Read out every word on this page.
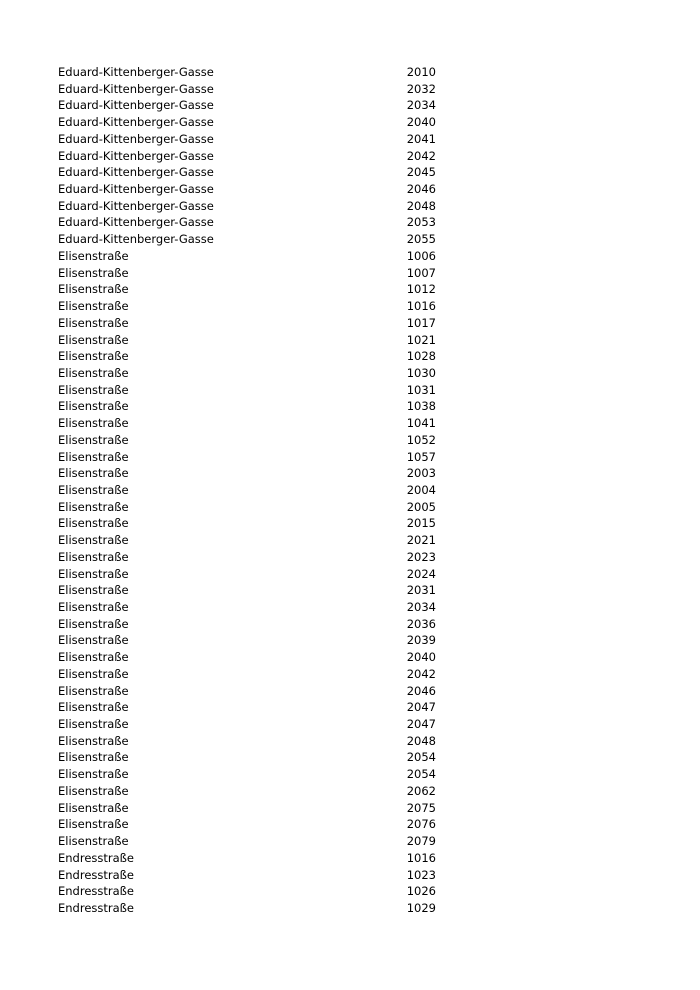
Eduard-Kittenberger-Gasse	2010
Eduard-Kittenberger-Gasse	2032
Eduard-Kittenberger-Gasse	2034
Eduard-Kittenberger-Gasse	2040
Eduard-Kittenberger-Gasse	2041
Eduard-Kittenberger-Gasse	2042
Eduard-Kittenberger-Gasse	2045
Eduard-Kittenberger-Gasse	2046
Eduard-Kittenberger-Gasse	2048
Eduard-Kittenberger-Gasse	2053
Eduard-Kittenberger-Gasse	2055
Elisenstraße	1006
Elisenstraße	1007
Elisenstraße	1012
Elisenstraße	1016
Elisenstraße	1017
Elisenstraße	1021
Elisenstraße	1028
Elisenstraße	1030
Elisenstraße	1031
Elisenstraße	1038
Elisenstraße	1041
Elisenstraße	1052
Elisenstraße	1057
Elisenstraße	2003
Elisenstraße	2004
Elisenstraße	2005
Elisenstraße	2015
Elisenstraße	2021
Elisenstraße	2023
Elisenstraße	2024
Elisenstraße	2031
Elisenstraße	2034
Elisenstraße	2036
Elisenstraße	2039
Elisenstraße	2040
Elisenstraße	2042
Elisenstraße	2046
Elisenstraße	2047
Elisenstraße	2047
Elisenstraße	2048
Elisenstraße	2054
Elisenstraße	2054
Elisenstraße	2062
Elisenstraße	2075
Elisenstraße	2076
Elisenstraße	2079
Endresstraße	1016
Endresstraße	1023
Endresstraße	1026
Endresstraße	1029
